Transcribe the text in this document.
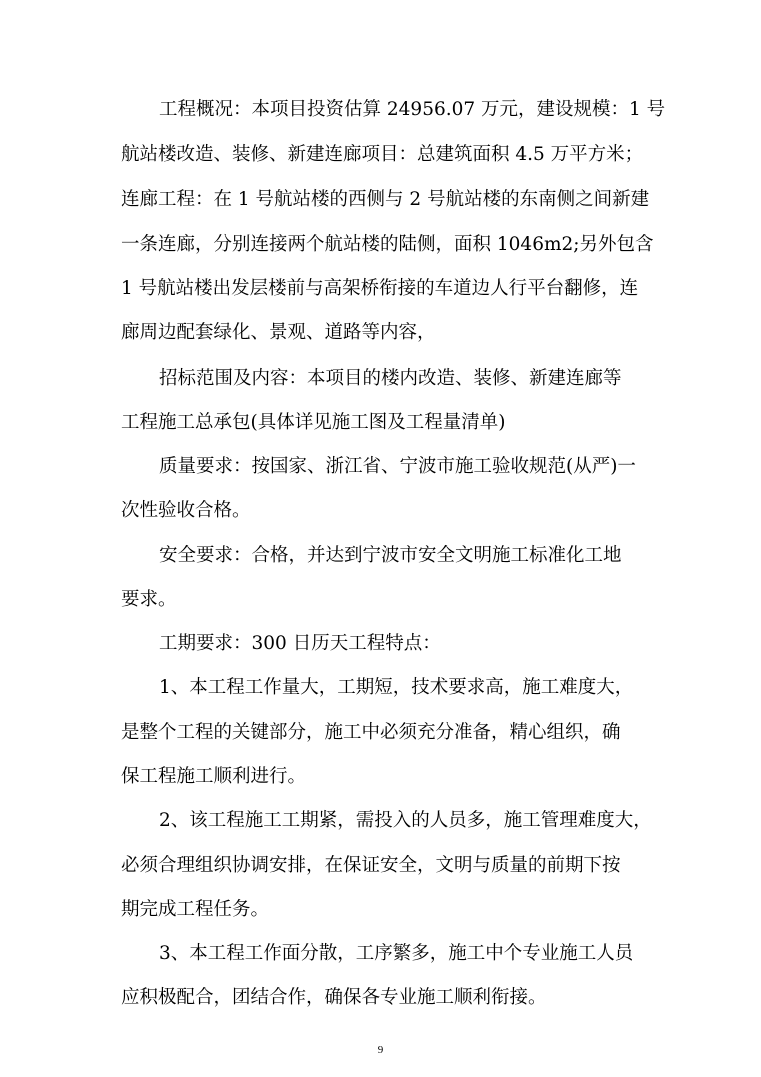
工程概况：本项目投资估算 24956.07 万元，建设规模：1 号
航站楼改造、装修、新建连廊项目：总建筑面积 4.5 万平方米；
连廊工程：在 1 号航站楼的西侧与 2 号航站楼的东南侧之间新建
一条连廊，分别连接两个航站楼的陆侧，面积 1046m2;另外包含
1 号航站楼出发层楼前与高架桥衔接的车道边人行平台翻修，连
廊周边配套绿化、景观、道路等内容，
招标范围及内容：本项目的楼内改造、装修、新建连廊等
工程施工总承包(具体详见施工图及工程量清单)
质量要求：按国家、浙江省、宁波市施工验收规范(从严)一
次性验收合格。
安全要求：合格，并达到宁波市安全文明施工标准化工地
要求。
工期要求：300 日历天工程特点：
1、本工程工作量大，工期短，技术要求高，施工难度大，
是整个工程的关键部分，施工中必须充分准备，精心组织，确
保工程施工顺利进行。
2、该工程施工工期紧，需投入的人员多，施工管理难度大，
必须合理组织协调安排，在保证安全，文明与质量的前期下按
期完成工程任务。
3、本工程工作面分散，工序繁多，施工中个专业施工人员
应积极配合，团结合作，确保各专业施工顺利衔接。
9
